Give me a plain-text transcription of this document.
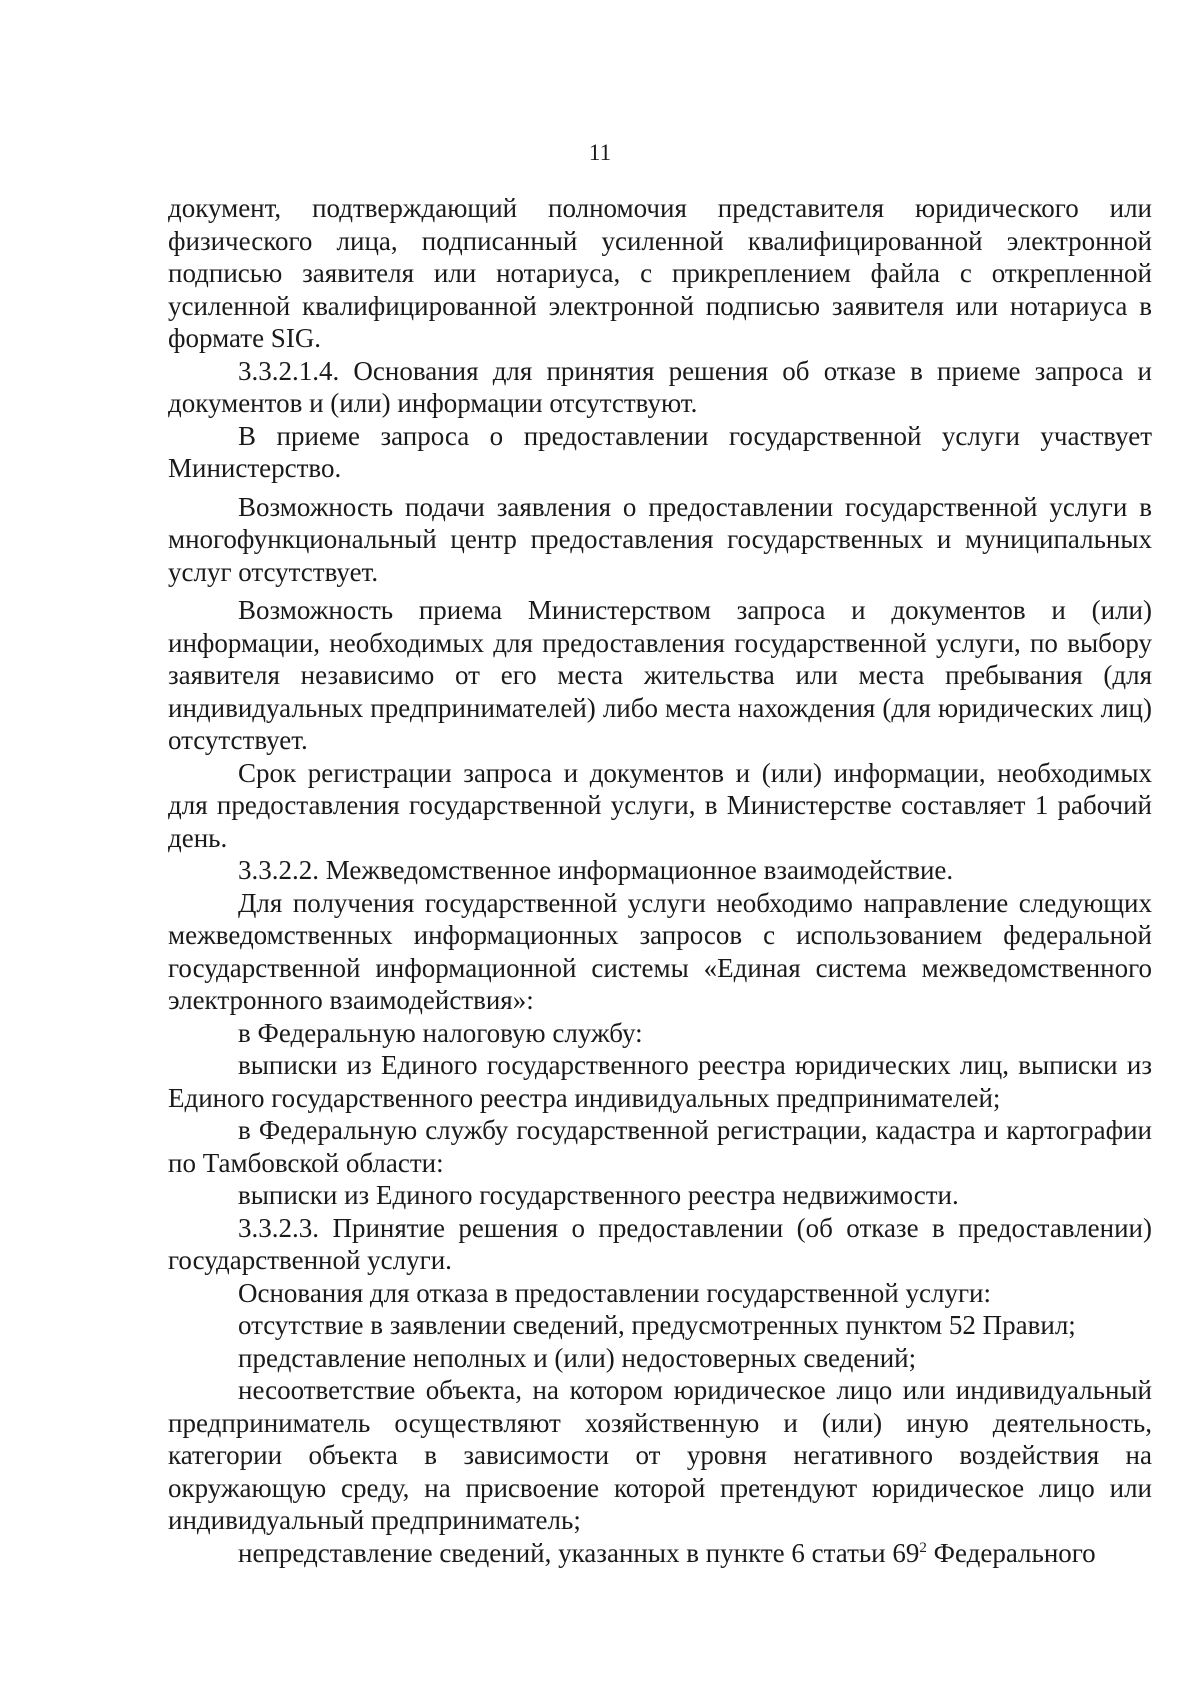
11

документ, подтверждающий полномочия представителя юридического или физического лица, подписанный усиленной квалифицированной электронной подписью заявителя или нотариуса, с прикреплением файла с открепленной усиленной квалифицированной электронной подписью заявителя или нотариуса в формате SIG.

3.3.2.1.4. Основания для принятия решения об отказе в приеме запроса и документов и (или) информации отсутствуют.

В приеме запроса о предоставлении государственной услуги участвует Министерство.

Возможность подачи заявления о предоставлении государственной услуги в многофункциональный центр предоставления государственных и муниципальных услуг отсутствует.

Возможность приема Министерством запроса и документов и (или) информации, необходимых для предоставления государственной услуги, по выбору заявителя независимо от его места жительства или места пребывания (для индивидуальных предпринимателей) либо места нахождения (для юридических лиц) отсутствует.

Срок регистрации запроса и документов и (или) информации, необходимых для предоставления государственной услуги, в Министерстве составляет 1 рабочий день.

3.3.2.2. Межведомственное информационное взаимодействие.

Для получения государственной услуги необходимо направление следующих межведомственных информационных запросов с использованием федеральной государственной информационной системы «Единая система межведомственного электронного взаимодействия»:

в Федеральную налоговую службу:

выписки из Единого государственного реестра юридических лиц, выписки из Единого государственного реестра индивидуальных предпринимателей;

в Федеральную службу государственной регистрации, кадастра и картографии по Тамбовской области:

выписки из Единого государственного реестра недвижимости.

3.3.2.3. Принятие решения о предоставлении (об отказе в предоставлении) государственной услуги.

Основания для отказа в предоставлении государственной услуги:

отсутствие в заявлении сведений, предусмотренных пунктом 52 Правил;

представление неполных и (или) недостоверных сведений;

несоответствие объекта, на котором юридическое лицо или индивидуальный предприниматель осуществляют хозяйственную и (или) иную деятельность, категории объекта в зависимости от уровня негативного воздействия на окружающую среду, на присвоение которой претендуют юридическое лицо или индивидуальный предприниматель;

непредставление сведений, указанных в пункте 6 статьи $69^2$ Федерального
